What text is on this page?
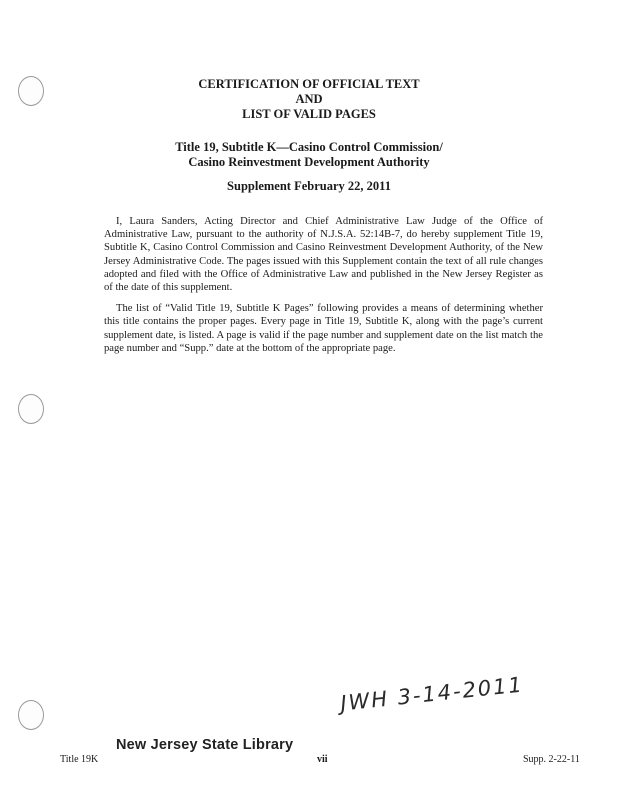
CERTIFICATION OF OFFICIAL TEXT
AND
LIST OF VALID PAGES
Title 19, Subtitle K—Casino Control Commission/
Casino Reinvestment Development Authority
Supplement February 22, 2011

I, Laura Sanders, Acting Director and Chief Administrative Law Judge of the Office of Administrative Law, pursuant to the authority of N.J.S.A. 52:14B-7, do hereby supplement Title 19, Subtitle K, Casino Control Commission and Casino Reinvestment Development Authority, of the New Jersey Administrative Code. The pages issued with this Supplement contain the text of all rule changes adopted and filed with the Office of Administrative Law and published in the New Jersey Register as of the date of this supplement.

The list of “Valid Title 19, Subtitle K Pages” following provides a means of determining whether this title contains the proper pages. Every page in Title 19, Subtitle K, along with the page’s current supplement date, is listed. A page is valid if the page number and supplement date on the list match the page number and “Supp.” date at the bottom of the appropriate page.

JWH 3-14-2011
Title 19K
New Jersey State Library
vii	Supp. 2-22-11
